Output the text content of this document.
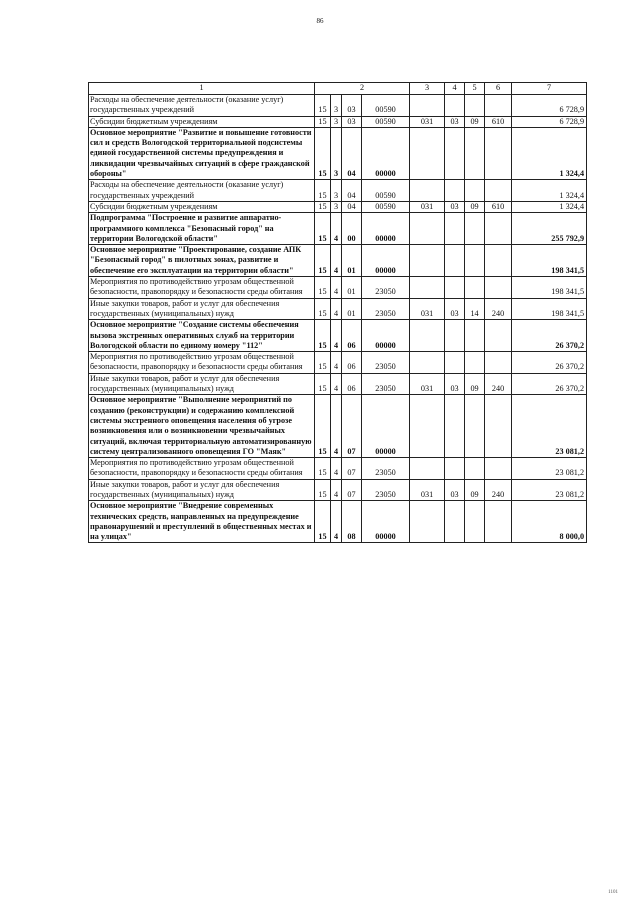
86
1	2				3	4	5	6	7
Расходы на обеспечение деятельности (оказание услуг) государственных учреждений	15	3	03	00590					6 728,9
Субсидии бюджетным учреждениям	15	3	03	00590	031	03	09	610	6 728,9
Основное мероприятие "Развитие и повышение готовности сил и средств Вологодской территориальной подсистемы единой государственной системы предупреждения и ликвидации чрезвычайных ситуаций в сфере гражданской обороны"	15	3	04	00000					1 324,4
Расходы на обеспечение деятельности (оказание услуг) государственных учреждений	15	3	04	00590					1 324,4
Субсидии бюджетным учреждениям	15	3	04	00590	031	03	09	610	1 324,4
Подпрограмма "Построение и развитие аппаратно-программного комплекса "Безопасный город" на территории Вологодской области"	15	4	00	00000					255 792,9
Основное мероприятие "Проектирование, создание АПК "Безопасный город" в пилотных зонах, развитие и обеспечение его эксплуатации на территории области"	15	4	01	00000					198 341,5
Мероприятия по противодействию угрозам общественной безопасности, правопорядку и безопасности среды обитания	15	4	01	23050					198 341,5
Иные закупки товаров, работ и услуг для обеспечения государственных (муниципальных) нужд	15	4	01	23050	031	03	14	240	198 341,5
Основное мероприятие "Создание системы обеспечения вызова экстренных оперативных служб на территории Вологодской области по единому номеру "112"	15	4	06	00000					26 370,2
Мероприятия по противодействию угрозам общественной безопасности, правопорядку и безопасности среды обитания	15	4	06	23050					26 370,2
Иные закупки товаров, работ и услуг для обеспечения государственных (муниципальных) нужд	15	4	06	23050	031	03	09	240	26 370,2
Основное мероприятие "Выполнение мероприятий по созданию (реконструкции) и содержанию комплексной системы экстренного оповещения населения об угрозе возникновения или о возникновении чрезвычайных ситуаций, включая территориальную автоматизированную систему централизованного оповещения ГО "Маяк"	15	4	07	00000					23 081,2
Мероприятия по противодействию угрозам общественной безопасности, правопорядку и безопасности среды обитания	15	4	07	23050					23 081,2
Иные закупки товаров, работ и услуг для обеспечения государственных (муниципальных) нужд	15	4	07	23050	031	03	09	240	23 081,2
Основное мероприятие "Внедрение современных технических средств, направленных на предупреждение правонарушений и преступлений в общественных местах и на улицах"	15	4	08	00000					8 000,0
1101
